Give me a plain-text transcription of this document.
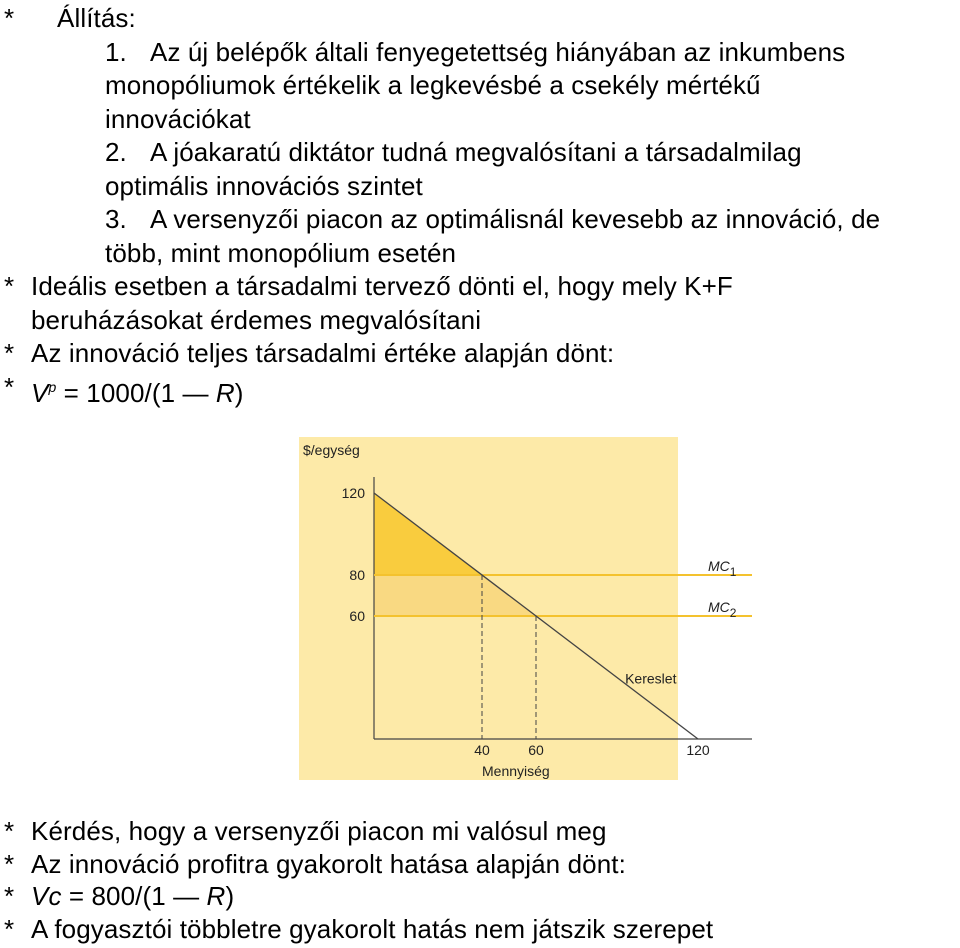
* Állítás:
1. Az új belépők általi fenyegetettség hiányában az inkumbens
monopóliumok értékelik a legkevésbé a csekély mértékű
innovációkat
2. A jóakaratú diktátor tudná megvalósítani a társadalmilag
optimális innovációs szintet
3. A versenyzői piacon az optimálisnál kevesebb az innováció, de
több, mint monopólium esetén
* Ideális esetben a társadalmi tervező dönti el, hogy mely K+F
beruházásokat érdemes megvalósítani
* Az innováció teljes társadalmi értéke alapján dönt:
* $V^p = 1000/(1$ — R)
$/egység
120
80
60
40	60	120
Mennyiség
MC1
MC2
Kereslet
* Kérdés, hogy a versenyzői piacon mi valósul meg
* Az innováció profitra gyakorolt hatása alapján dönt:
* Vc = 800/(1 — R)
* A fogyasztói többletre gyakorolt hatás nem játszik szerepet
